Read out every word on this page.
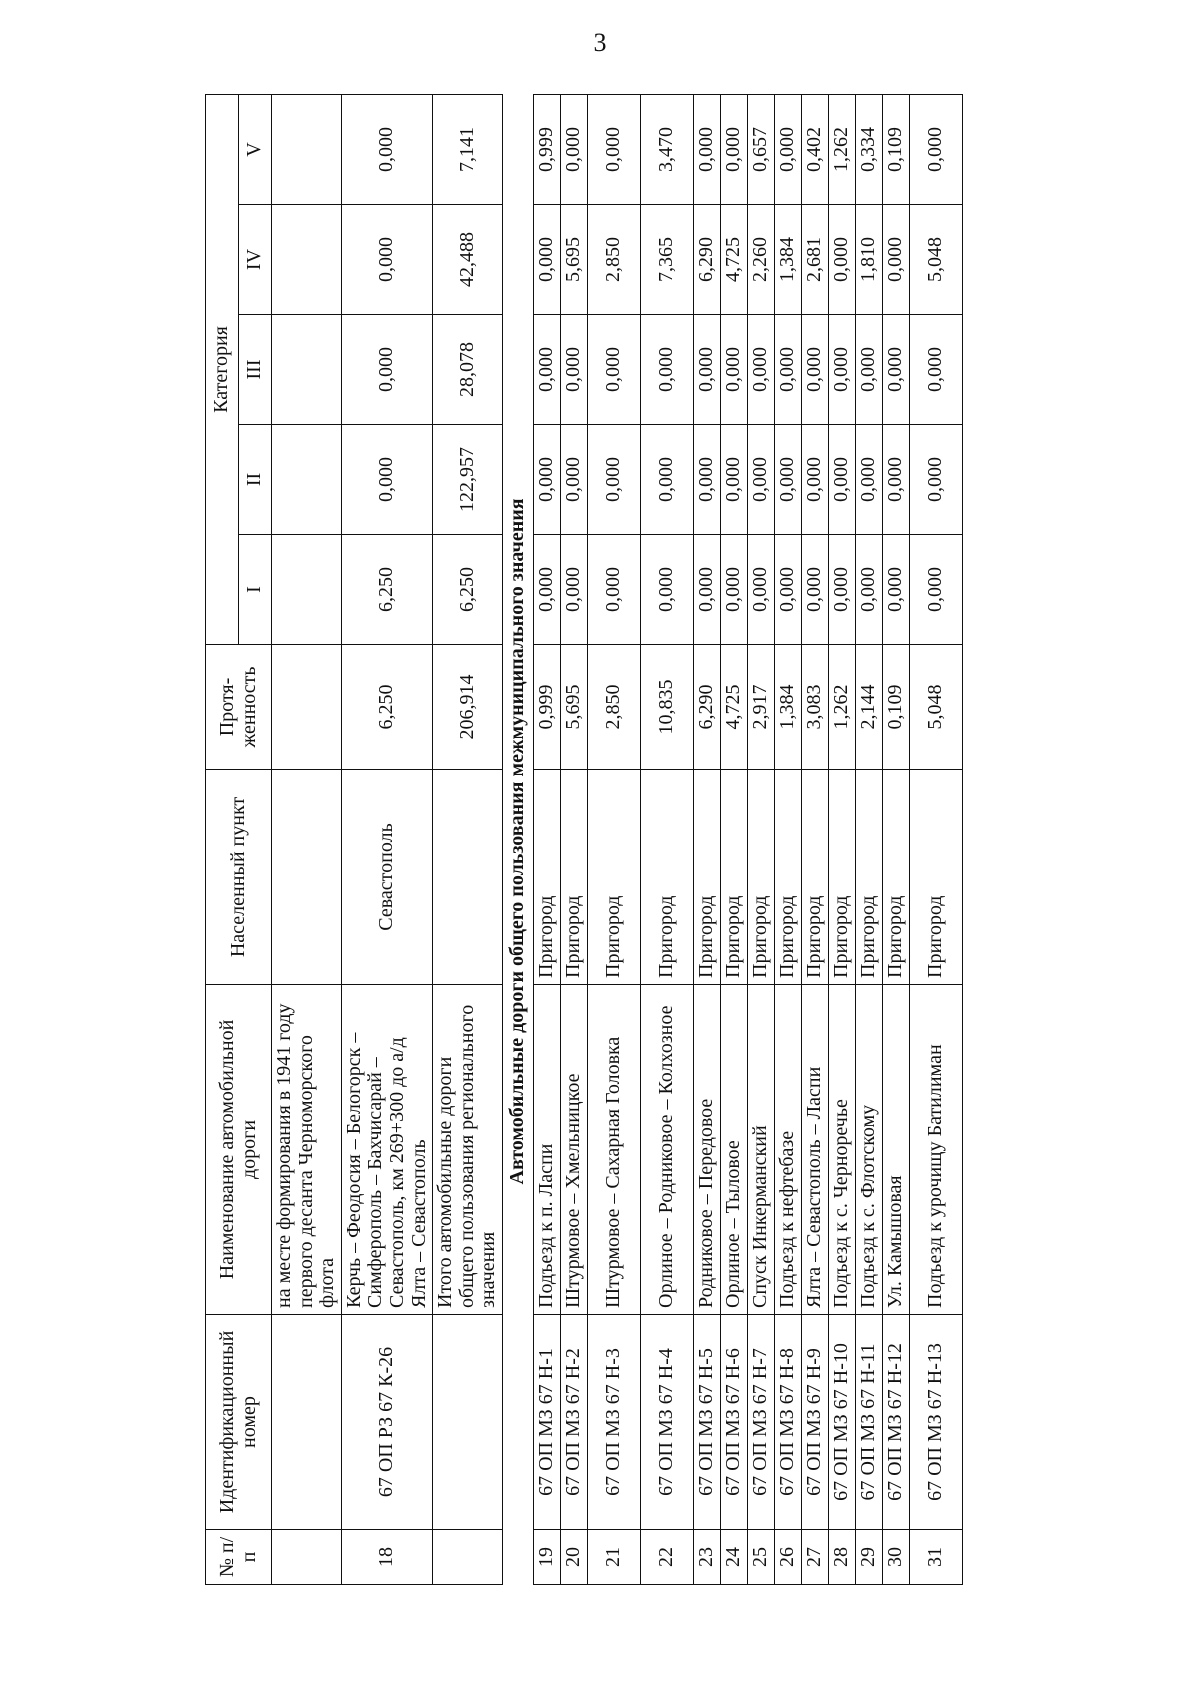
3
№ п/п	Идентификационный номер	Наименование автомобильной дороги	Населенный пункт	Протя-женность	Категория				
					I	II	III	IV	V
		на месте формирования в 1941 году первого десанта Черноморского флота							
18	67 ОП РЗ 67 К-26	Керчь – Феодосия – Белогорск – Симферополь – Бахчисарай – Севастополь, км 269+300 до а/д Ялта – Севастополь	Севастополь	6,250	6,250	0,000	0,000	0,000	0,000
		Итого автомобильные дороги общего пользования регионального значения		206,914	6,250	122,957	28,078	42,488	7,141
Автомобильные дороги общего пользования межмуниципального значения									
19	67 ОП МЗ 67 Н-1	Подъезд к п. Ласпи	Пригород	0,999	0,000	0,000	0,000	0,000	0,999
20	67 ОП МЗ 67 Н-2	Штурмовое – Хмельницкое	Пригород	5,695	0,000	0,000	0,000	5,695	0,000
21	67 ОП МЗ 67 Н-3	Штурмовое – Сахарная Головка	Пригород	2,850	0,000	0,000	0,000	2,850	0,000
22	67 ОП МЗ 67 Н-4	Орлиное – Родниковое – Колхозное	Пригород	10,835	0,000	0,000	0,000	7,365	3,470
23	67 ОП МЗ 67 Н-5	Родниковое – Передовое	Пригород	6,290	0,000	0,000	0,000	6,290	0,000
24	67 ОП МЗ 67 Н-6	Орлиное – Тыловое	Пригород	4,725	0,000	0,000	0,000	4,725	0,000
25	67 ОП МЗ 67 Н-7	Спуск Инкерманский	Пригород	2,917	0,000	0,000	0,000	2,260	0,657
26	67 ОП МЗ 67 Н-8	Подъезд к нефтебазе	Пригород	1,384	0,000	0,000	0,000	1,384	0,000
27	67 ОП МЗ 67 Н-9	Ялта – Севастополь – Ласпи	Пригород	3,083	0,000	0,000	0,000	2,681	0,402
28	67 ОП МЗ 67 Н-10	Подъезд к с. Черноречье	Пригород	1,262	0,000	0,000	0,000	0,000	1,262
29	67 ОП МЗ 67 Н-11	Подъезд к с. Флотскому	Пригород	2,144	0,000	0,000	0,000	1,810	0,334
30	67 ОП МЗ 67 Н-12	Ул. Камышовая	Пригород	0,109	0,000	0,000	0,000	0,000	0,109
31	67 ОП МЗ 67 Н-13	Подъезд к урочищу Батилиман	Пригород	5,048	0,000	0,000	0,000	5,048	0,000
